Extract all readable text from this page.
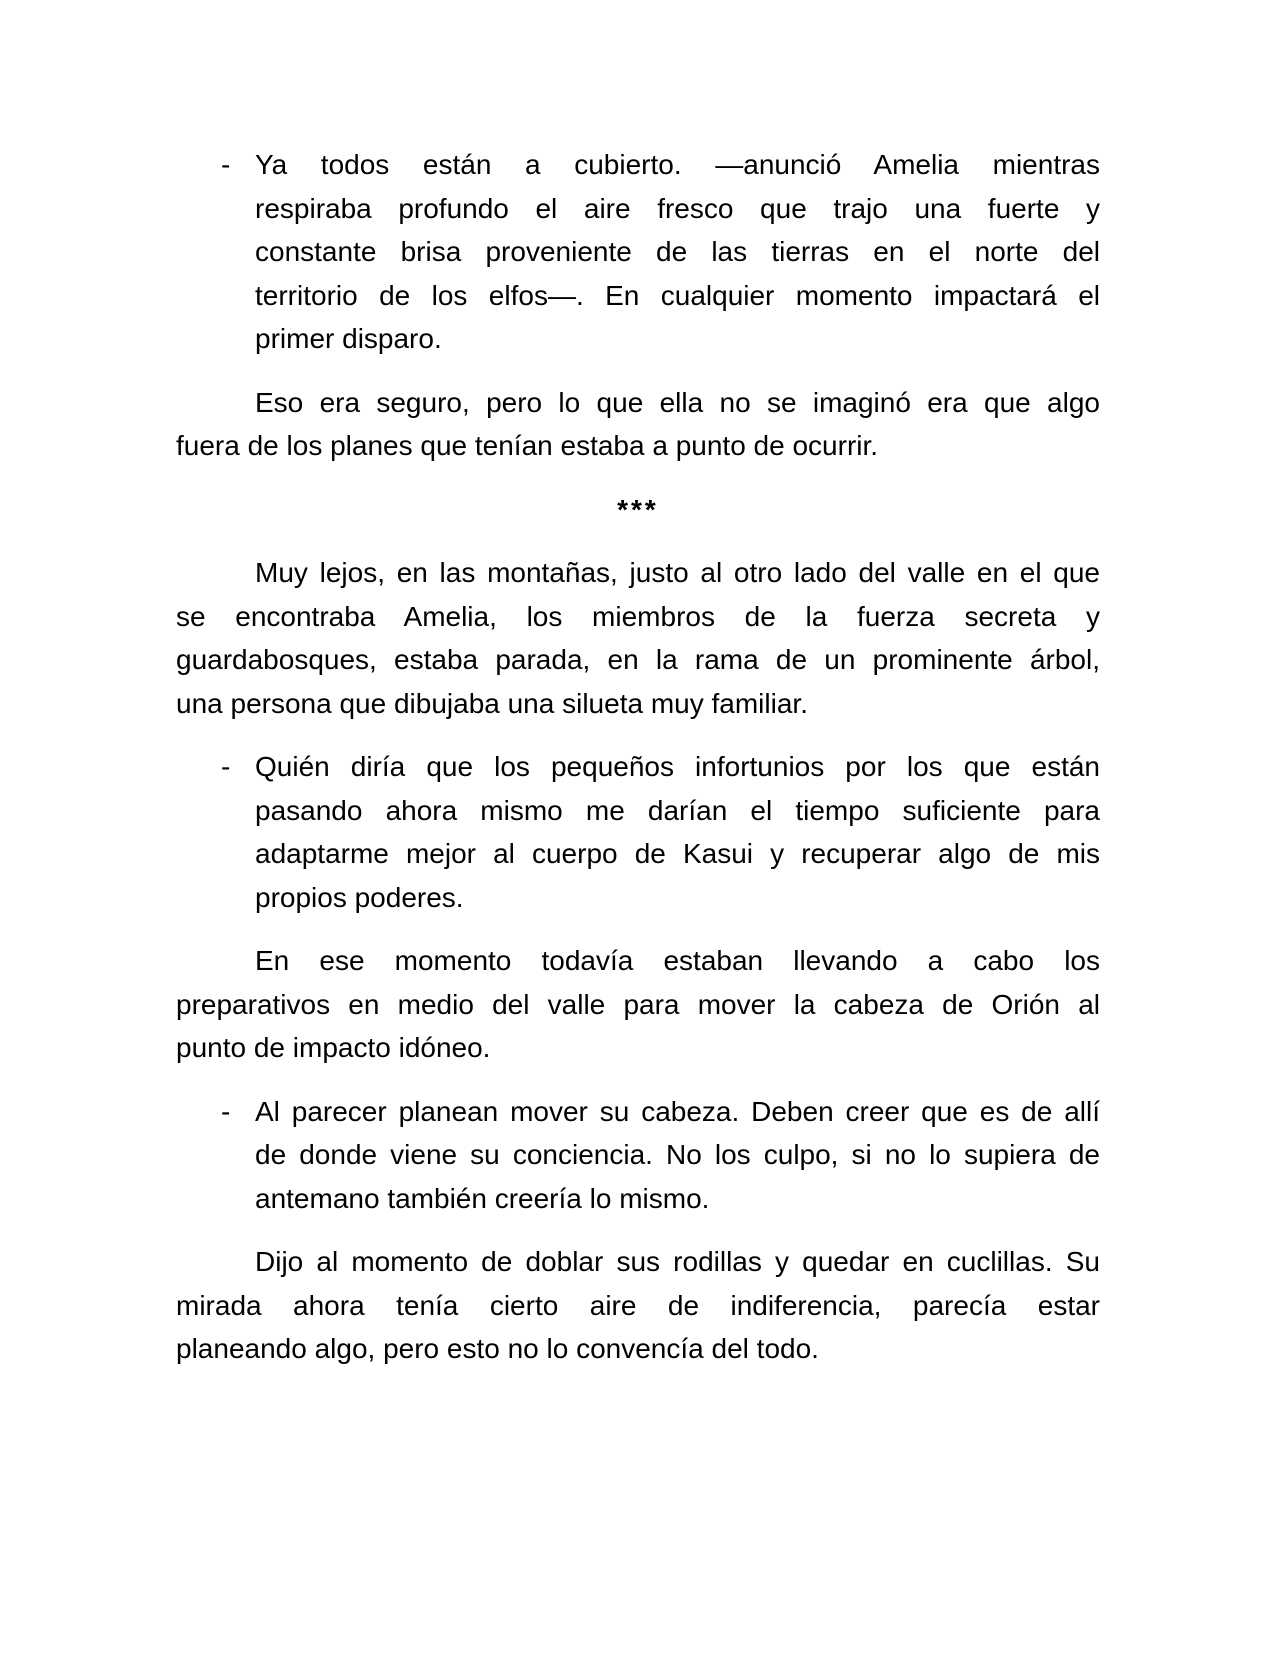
- Ya todos están a cubierto. —anunció Amelia mientras
respiraba profundo el aire fresco que trajo una fuerte y
constante brisa proveniente de las tierras en el norte del
territorio de los elfos—. En cualquier momento impactará el
primer disparo.
Eso era seguro, pero lo que ella no se imaginó era que algo
fuera de los planes que tenían estaba a punto de ocurrir.
***
Muy lejos, en las montañas, justo al otro lado del valle en el que
se encontraba Amelia, los miembros de la fuerza secreta y
guardabosques, estaba parada, en la rama de un prominente árbol,
una persona que dibujaba una silueta muy familiar.
- Quién diría que los pequeños infortunios por los que están
pasando ahora mismo me darían el tiempo suficiente para
adaptarme mejor al cuerpo de Kasui y recuperar algo de mis
propios poderes.
En ese momento todavía estaban llevando a cabo los
preparativos en medio del valle para mover la cabeza de Orión al
punto de impacto idóneo.
- Al parecer planean mover su cabeza. Deben creer que es de allí
de donde viene su conciencia. No los culpo, si no lo supiera de
antemano también creería lo mismo.
Dijo al momento de doblar sus rodillas y quedar en cuclillas. Su
mirada ahora tenía cierto aire de indiferencia, parecía estar
planeando algo, pero esto no lo convencía del todo.
